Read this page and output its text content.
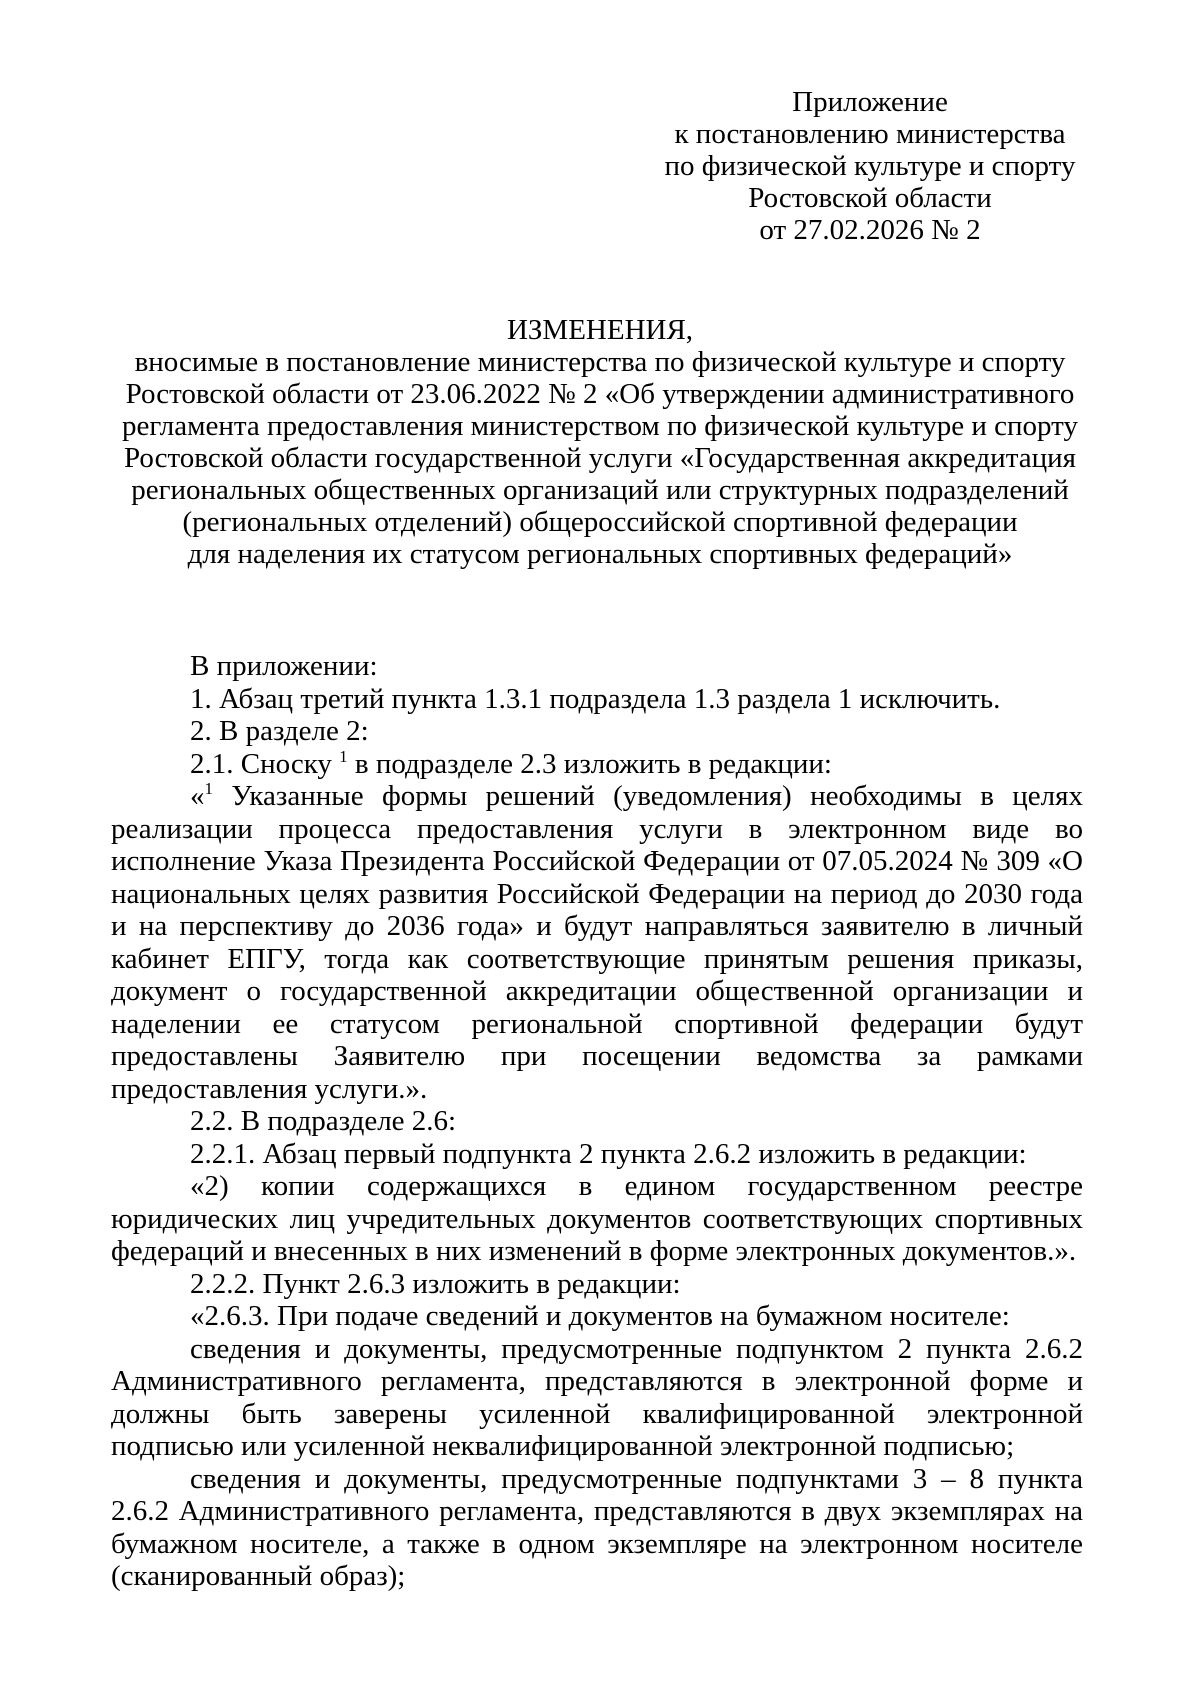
Приложение
к постановлению министерства
по физической культуре и спорту
Ростовской области
от 27.02.2026 № 2
ИЗМЕНЕНИЯ,
вносимые в постановление министерства по физической культуре и спорту
Ростовской области от 23.06.2022 № 2 «Об утверждении административного
регламента предоставления министерством по физической культуре и спорту
Ростовской области государственной услуги «Государственная аккредитация
региональных общественных организаций или структурных подразделений
(региональных отделений) общероссийской спортивной федерации
для наделения их статусом региональных спортивных федераций»

В приложении:

1. Абзац третий пункта 1.3.1 подраздела 1.3 раздела 1 исключить.

2. В разделе 2:

2.1. Сноску $^1$ в подразделе 2.3 изложить в редакции:

«$^1$ Указанные формы решений (уведомления) необходимы в целях реализации процесса предоставления услуги в электронном виде во исполнение Указа Президента Российской Федерации от 07.05.2024 № 309 «О национальных целях развития Российской Федерации на период до 2030 года и на перспективу до 2036 года» и будут направляться заявителю в личный кабинет ЕПГУ, тогда как соответствующие принятым решения приказы, документ о государственной аккредитации общественной организации и наделении ее статусом региональной спортивной федерации будут предоставлены Заявителю при посещении ведомства за рамками предоставления услуги.».

2.2. В подразделе 2.6:

2.2.1. Абзац первый подпункта 2 пункта 2.6.2 изложить в редакции:

«2) копии содержащихся в едином государственном реестре юридических лиц учредительных документов соответствующих спортивных федераций и внесенных в них изменений в форме электронных документов.».

2.2.2. Пункт 2.6.3 изложить в редакции:

«2.6.3. При подаче сведений и документов на бумажном носителе:

сведения и документы, предусмотренные подпунктом 2 пункта 2.6.2 Административного регламента, представляются в электронной форме и должны быть заверены усиленной квалифицированной электронной подписью или усиленной неквалифицированной электронной подписью;

сведения и документы, предусмотренные подпунктами 3 – 8 пункта 2.6.2 Административного регламента, представляются в двух экземплярах на бумажном носителе, а также в одном экземпляре на электронном носителе (сканированный образ);
